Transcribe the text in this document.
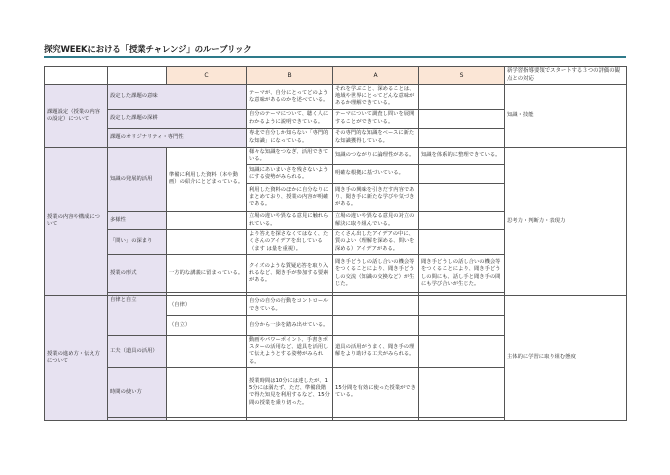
探究WEEKにおける「授業チャレンジ」のルーブリック
		C	B	A	S	新学習指導要領でスタートする３つの評価の観点との対応
課題設定（授業の内容の設定）について	設定した課題の意味		テーマが、自分にとってどのような意味があるのかを述べている。	それを学ぶこと、深めることは、地域や世界にとってどんな意味があるか理解できている。		知識・技能
	設定した課題の深耕		自分のテーマについて、聴く人にわかるように説明できている。	テーマについて調査し問いを展開することができている。		
	課題のオリジナリティ・専門性		専北で自分しか知らない「専門的な知識」になっている。	その専門的な知識をベースに新たな知識獲得している。		
授業の内容や構成について	知識の発展的活用	準備に利用した資料（本や動画）の紹介にとどまっている。	様々な知識をつなぎ、活用できている。	知識のつながりに論理性がある。	知識を体系的に整理できている。	思考力・判断力・表現力
			知識にあいまいさを残さないようにする姿勢がみられる。	明確な根拠に基づいている。		
			利用した資料のほかに自分なりにまとめており、授業の内容が明確である。	聞き手の興味を引きだす内容であり、聞き手に新たな学びや気づきがある。		
	多様性		立場の違いや異なる意見に触れられている。	立場の違いや異なる意見の対立の解決に取り組んでいる。		
	「問い」の深まり		より答えを探さなくてはなく、たくさんのアイデアを出している（ます は量を重視）。	たくさん出したアイデアの中に、質のよい（理解を深める、問いを深める）アイデアがある。		
	授業の形式	一方的な講義に留まっている。	クイズのような質疑応答を取り入れるなど、聞き手が参加する要素がある。	聞き手どうしの話し合いの機会等をつくることにより、聞き手どうしの交流（知識の交換など）が生じた。	聞き手どうしの話し合いの機会等をつくることにより、聞き手どうしの間にも、話し手と聞き手の間にも学び合いが生じた。	

授業の進め方・伝え方について	自律と自立	（自律）	自分の自分の行動をコントロールできている。			主体的に学習に取り組む態度
		（自立）	自分から一歩を踏み出せている。			
	工夫（道具の活用）		動画やパワーポイント、手書きポスターの活用など、道具を活用して伝えようとする姿勢がみられる。	道具の活用がうまく、聞き手の理解をより助ける工夫がみられる。		
	時間の使い方		授業時間は10分には達したが、15分には満たず、ただ、準備段階で得た知見を利用するなど、15分間の授業を乗り切った。	15分間を有効に使った授業ができている。		
